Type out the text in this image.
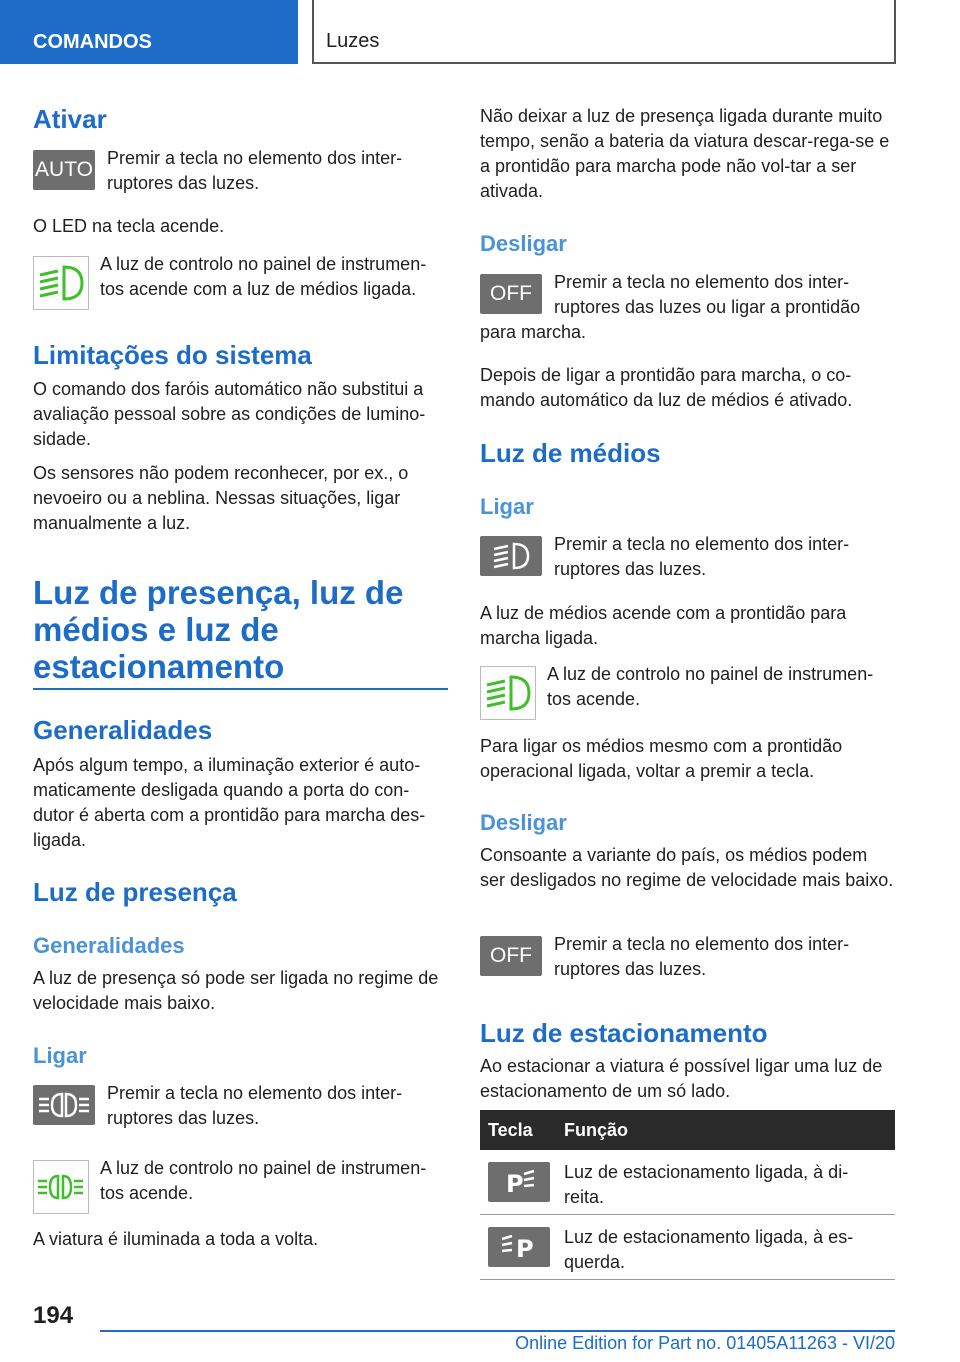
COMANDOS	Luzes
Ativar
AUTO Premir a tecla no elemento dos inter-ruptores das luzes.
O LED na tecla acende.
A luz de controlo no painel de instrumen-tos acende com a luz de médios ligada.
Limitações do sistema
O comando dos faróis automático não substitui a avaliação pessoal sobre as condições de lumino-sidade.
Os sensores não podem reconhecer, por ex., o nevoeiro ou a neblina. Nessas situações, ligar manualmente a luz.
Luz de presença, luz de médios e luz de estacionamento
Generalidades
Após algum tempo, a iluminação exterior é auto-maticamente desligada quando a porta do con-dutor é aberta com a prontidão para marcha des-ligada.
Luz de presença
Generalidades
A luz de presença só pode ser ligada no regime de velocidade mais baixo.
Ligar
Premir a tecla no elemento dos inter-ruptores das luzes.
A luz de controlo no painel de instrumen-tos acende.
A viatura é iluminada a toda a volta.
Não deixar a luz de presença ligada durante muito tempo, senão a bateria da viatura descar-rega-se e a prontidão para marcha pode não vol-tar a ser ativada.
Desligar
OFF	Premir a tecla no elemento dos inter-ruptores das luzes ou ligar a prontidão
para marcha.
Depois de ligar a prontidão para marcha, o co-mando automático da luz de médios é ativado.
Luz de médios
Ligar
Premir a tecla no elemento dos inter-ruptores das luzes.
A luz de médios acende com a prontidão para marcha ligada.
A luz de controlo no painel de instrumen-tos acende.
Para ligar os médios mesmo com a prontidão operacional ligada, voltar a premir a tecla.
Desligar
Consoante a variante do país, os médios podem ser desligados no regime de velocidade mais baixo.
OFF	Premir a tecla no elemento dos inter-ruptores das luzes.
Luz de estacionamento
Ao estacionar a viatura é possível ligar uma luz de estacionamento de um só lado.
Tecla Função
P Luz de estacionamento ligada, à di-reita.
P Luz de estacionamento ligada, à es-querda.
194
Online Edition for Part no. 01405A11263 - VI/20
